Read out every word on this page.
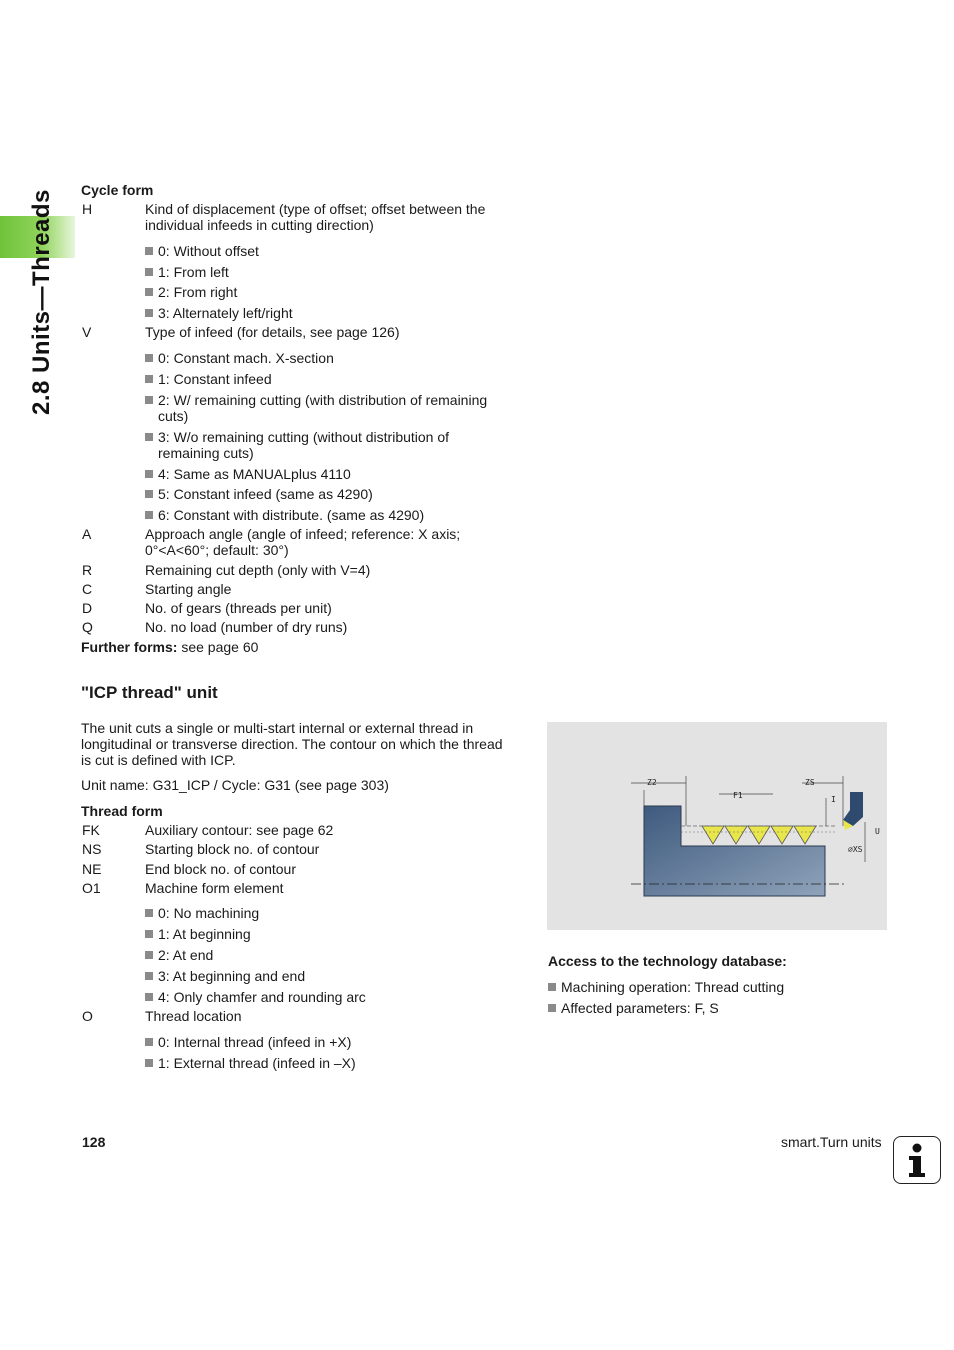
2.8 Units—Threads Cycle form
H	Kind of displacement (type of offset; offset between the
individual infeeds in cutting direction)
0: Without offset
1: From left
2: From right
3: Alternately left/right
V	Type of infeed (for details, see page 126)
0: Constant mach. X-section
1: Constant infeed
2: W/ remaining cutting (with distribution of remaining
cuts)
3: W/o remaining cutting (without distribution of
remaining cuts)
4: Same as MANUALplus 4110
5: Constant infeed (same as 4290)
6: Constant with distribute. (same as 4290)
A	Approach angle (angle of infeed; reference: X axis;
0°<A<60°; default: 30°)
R	Remaining cut depth (only with V=4)
C	Starting angle
D	No. of gears (threads per unit)
Q	No. no load (number of dry runs)
Further forms: see page 60
"ICP thread" unit
The unit cuts a single or multi-start internal or external thread in
longitudinal or transverse direction. The contour on which the thread
is cut is defined with ICP.
Unit name: G31_ICP / Cycle: G31 (see page 303)
Thread form
FK	Auxiliary contour: see page 62
NS	Starting block no. of contour
NE	End block no. of contour
O1	Machine form element
0: No machining
1: At beginning
2: At end
3: At beginning and end
4: Only chamfer and rounding arc
O	Thread location
0: Internal thread (infeed in +X)
1: External thread (infeed in –X)
Z2	ZS
F1	I
U
⌀XS
Access to the technology database:
Machining operation: Thread cutting
Affected parameters: F, S
128	smart.Turn units
